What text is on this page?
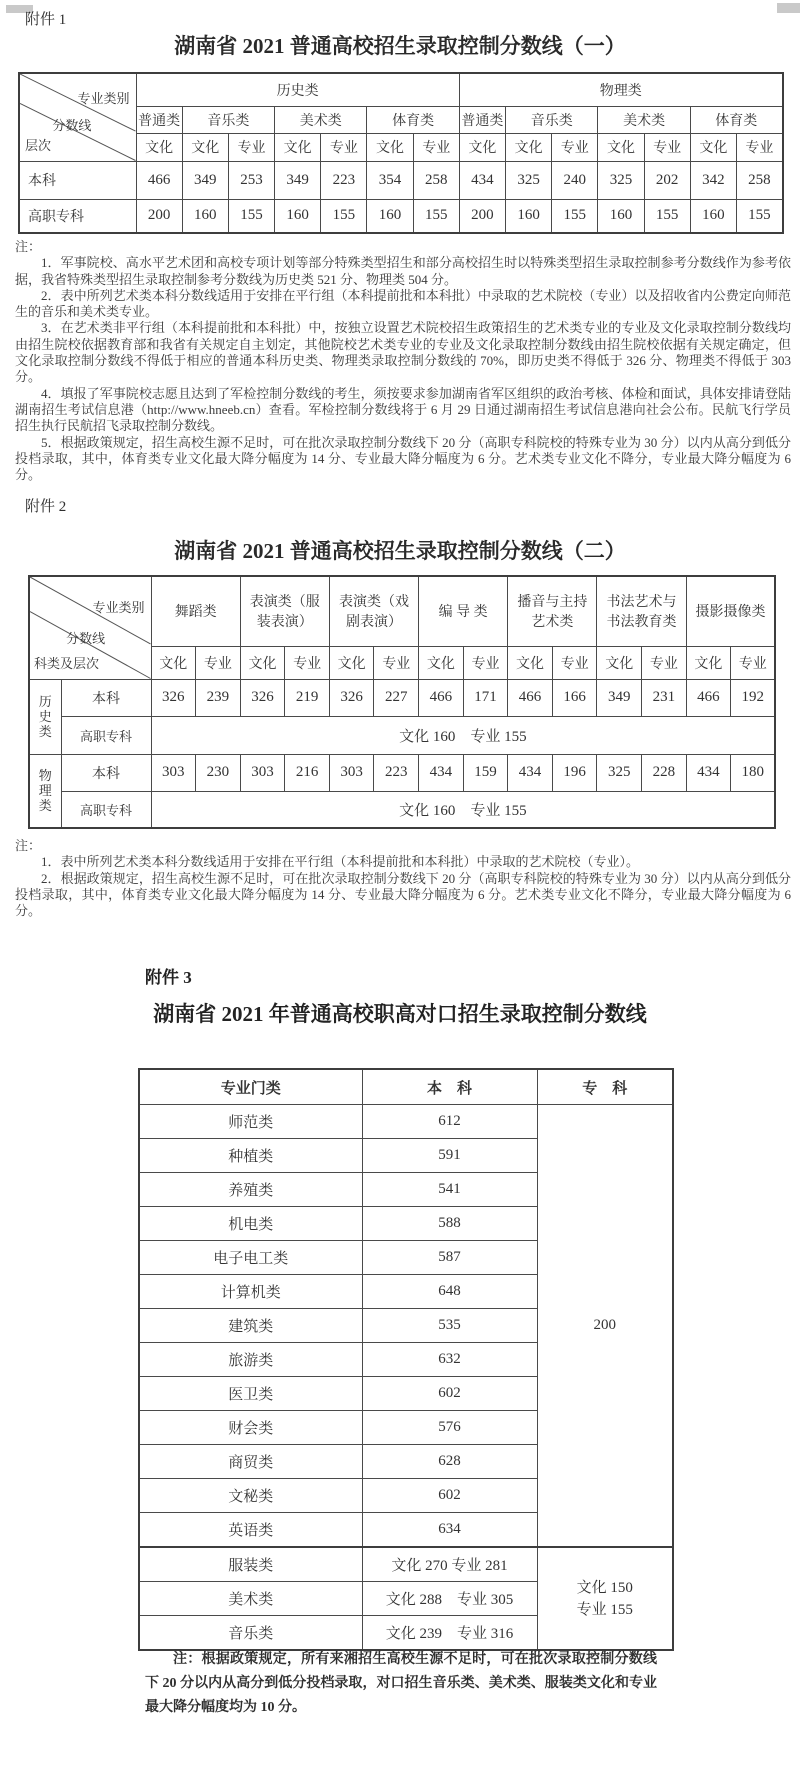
附件 1
湖南省 2021 普通高校招生录取控制分数线（一）
专业类别
分数线
层次	历史类							物理类						
	普通类	音乐类		美术类		体育类		普通类	音乐类		美术类		体育类	
	文化	文化	专业	文化	专业	文化	专业	文化	文化	专业	文化	专业	文化	专业
本科	466	349	253	349	223	354	258	434	325	240	325	202	342	258
高职专科	200	160	155	160	155	160	155	200	160	155	160	155	160	155

注：

1．军事院校、高水平艺术团和高校专项计划等部分特殊类型招生和部分高校招生时以特殊类型招生录取控制参考分数线作为参考依据，我省特殊类型招生录取控制参考分数线为历史类 521 分、物理类 504 分。

2．表中所列艺术类本科分数线适用于安排在平行组（本科提前批和本科批）中录取的艺术院校（专业）以及招收省内公费定向师范生的音乐和美术类专业。

3．在艺术类非平行组（本科提前批和本科批）中，按独立设置艺术院校招生政策招生的艺术类专业的专业及文化录取控制分数线均由招生院校依据教育部和我省有关规定自主划定，其他院校艺术类专业的专业及文化录取控制分数线由招生院校依据有关规定确定，但文化录取控制分数线不得低于相应的普通本科历史类、物理类录取控制分数线的 70%，即历史类不得低于 326 分、物理类不得低于 303 分。

4．填报了军事院校志愿且达到了军检控制分数线的考生，须按要求参加湖南省军区组织的政治考核、体检和面试，具体安排请登陆湖南招生考试信息港（http://www.hneeb.cn）查看。军检控制分数线将于 6 月 29 日通过湖南招生考试信息港向社会公布。民航飞行学员招生执行民航招飞录取控制分数线。

5．根据政策规定，招生高校生源不足时，可在批次录取控制分数线下 20 分（高职专科院校的特殊专业为 30 分）以内从高分到低分投档录取，其中，体育类专业文化最大降分幅度为 14 分、专业最大降分幅度为 6 分。艺术类专业文化不降分，专业最大降分幅度为 6 分。

附件 2
湖南省 2021 普通高校招生录取控制分数线（二）
专业类别
分数线
科类及层次		舞蹈类		表演类（服装表演）		表演类（戏剧表演）		编 导 类		播音与主持艺术类		书法艺术与书法教育类		摄影摄像类	
		文化	专业	文化	专业	文化	专业	文化	专业	文化	专业	文化	专业	文化	专业
历史类	本科	326	239	326	219	326	227	466	171	466	166	349	231	466	192
	高职专科	文化 160　专业 155													
物理类	本科	303	230	303	216	303	223	434	159	434	196	325	228	434	180
	高职专科	文化 160　专业 155													

注：

1．表中所列艺术类本科分数线适用于安排在平行组（本科提前批和本科批）中录取的艺术院校（专业）。

2．根据政策规定，招生高校生源不足时，可在批次录取控制分数线下 20 分（高职专科院校的特殊专业为 30 分）以内从高分到低分投档录取，其中，体育类专业文化最大降分幅度为 14 分、专业最大降分幅度为 6 分。艺术类专业文化不降分，专业最大降分幅度为 6 分。

附件 3
湖南省 2021 年普通高校职高对口招生录取控制分数线
专业门类	本　科	专　科
师范类	612	200
种植类	591	
养殖类	541	
机电类	588	
电子电工类	587	
计算机类	648	
建筑类	535	
旅游类	632	
医卫类	602	
财会类	576	
商贸类	628	
文秘类	602	
英语类	634	
服装类	文化 270 专业 281	文化 150
专业 155

美术类	文化 288　专业 305	
音乐类	文化 239　专业 316	

注：根据政策规定，所有来湘招生高校生源不足时，可在批次录取控制分数线下 20 分以内从高分到低分投档录取，对口招生音乐类、美术类、服装类文化和专业最大降分幅度均为 10 分。
